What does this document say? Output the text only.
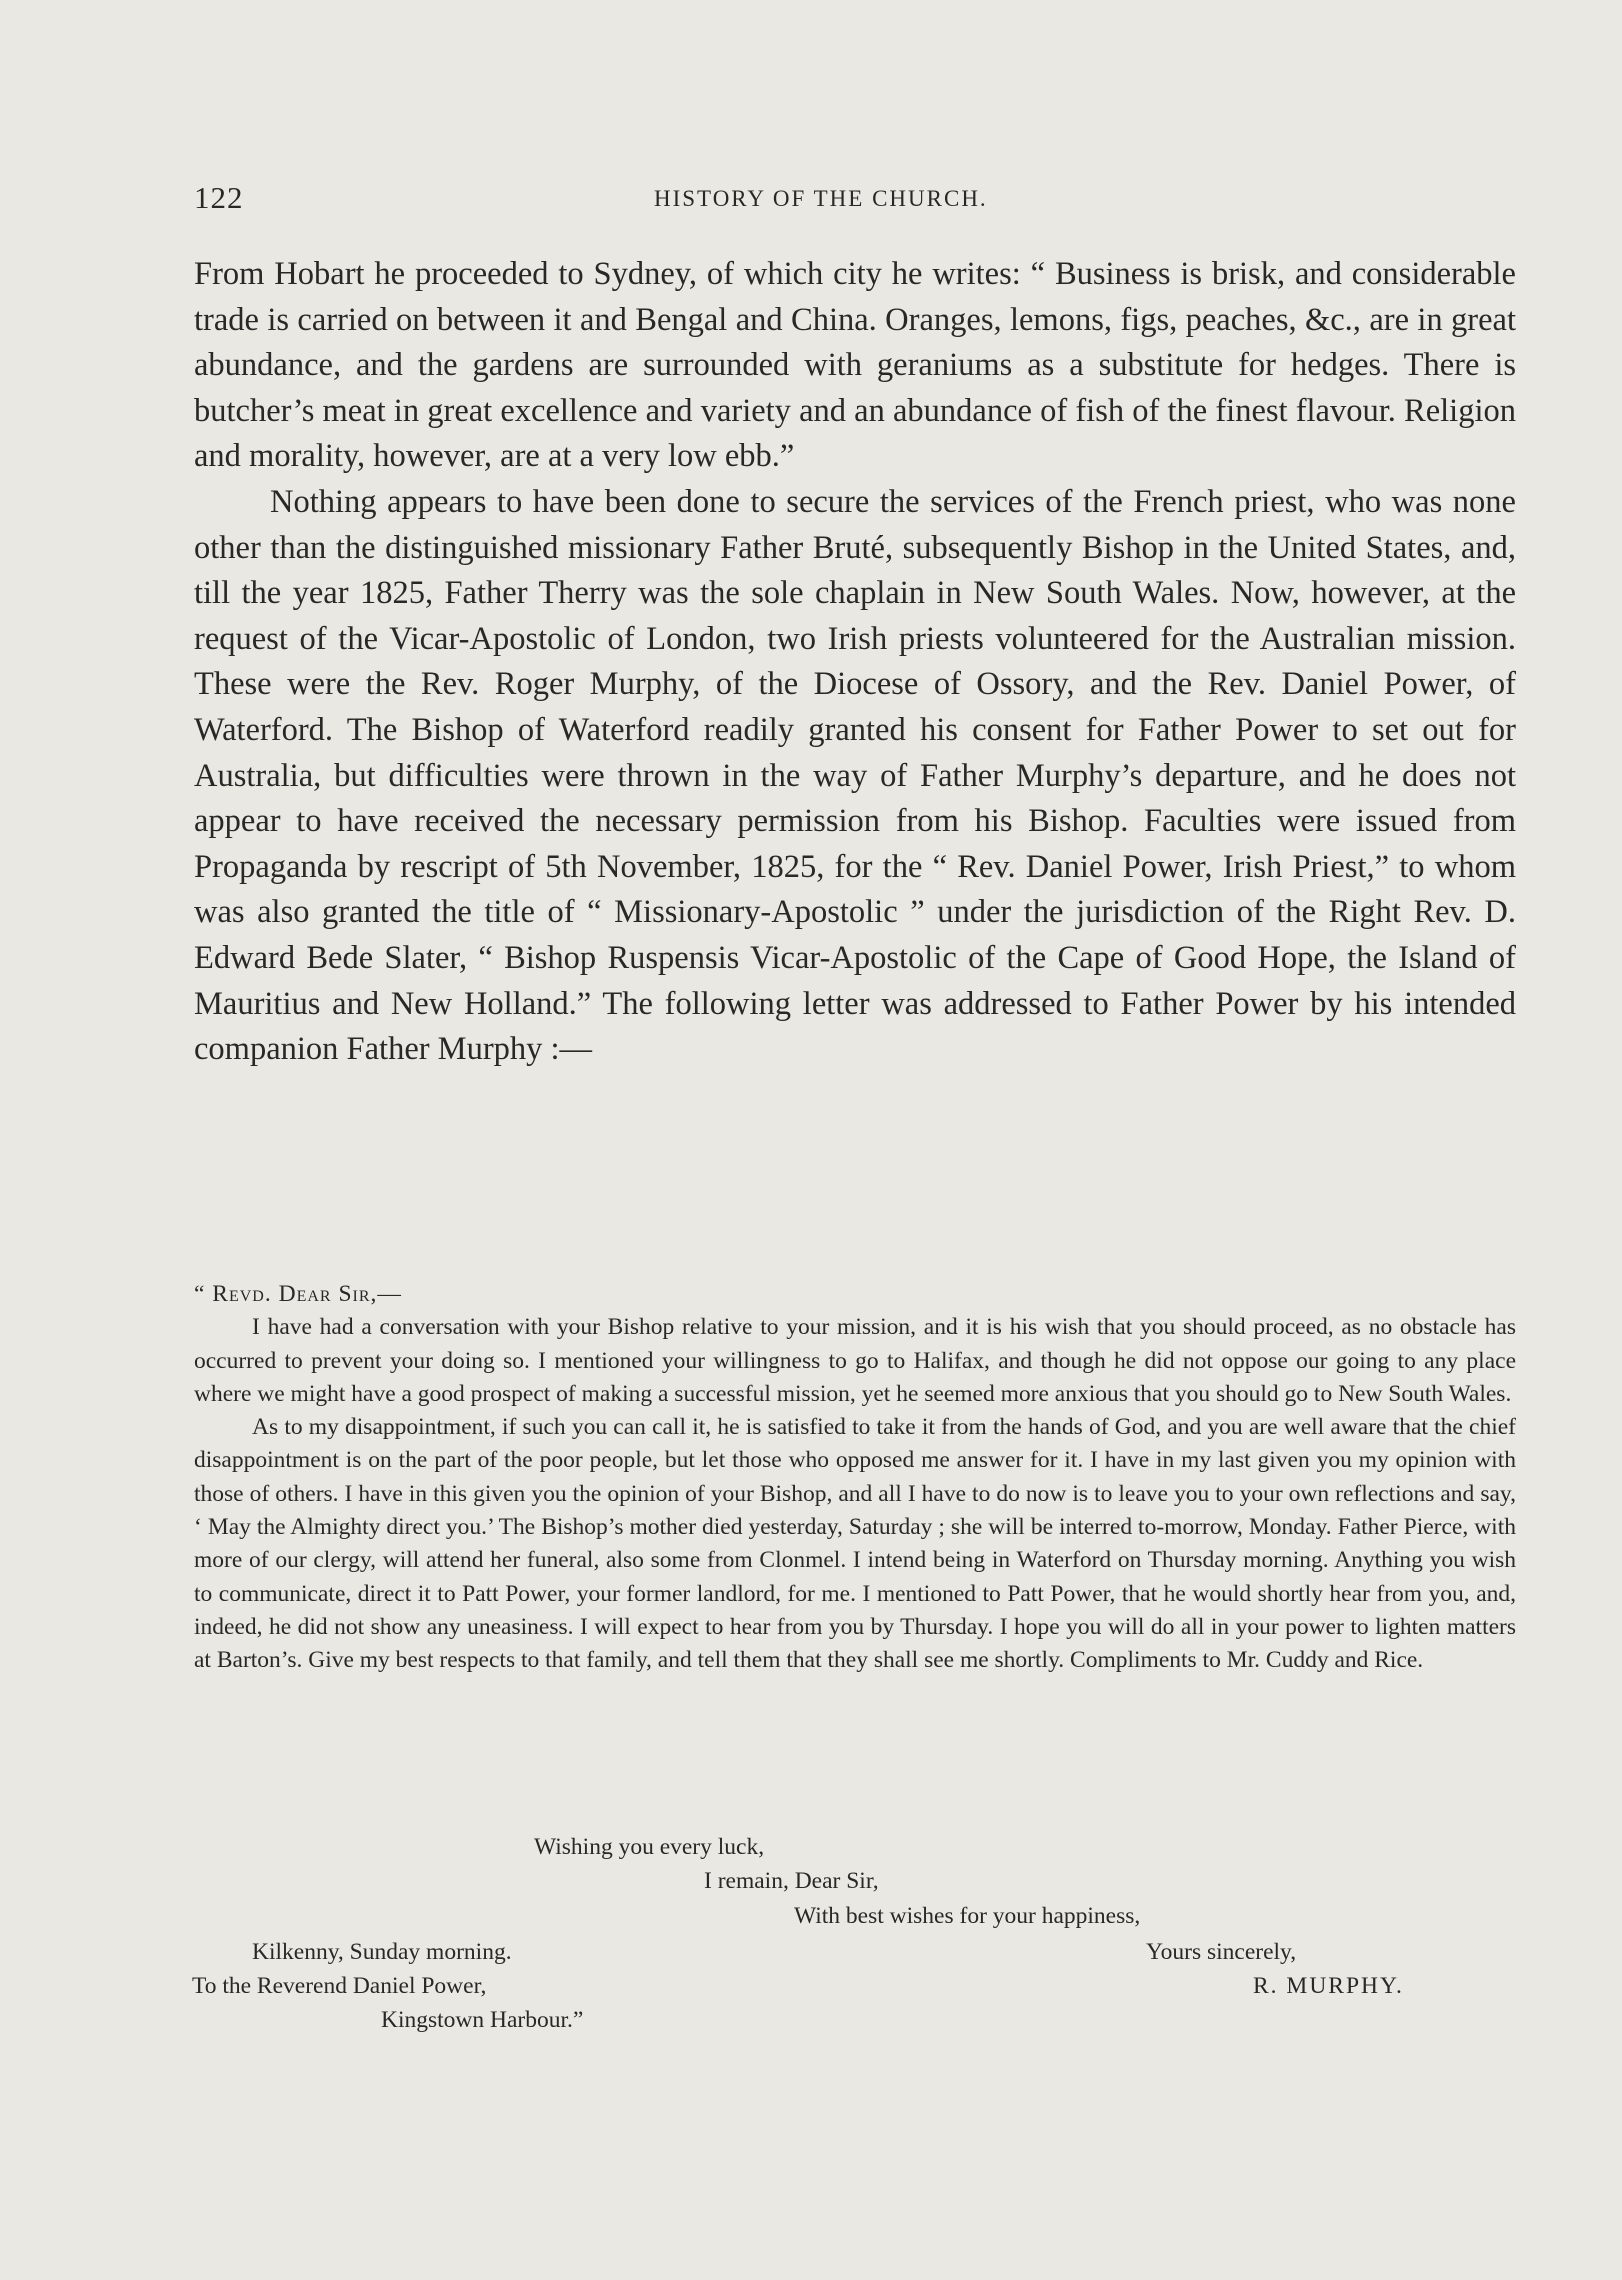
122	HISTORY OF THE CHURCH.

From Hobart he proceeded to Sydney, of which city he writes: “ Business is brisk, and considerable trade is carried on between it and Bengal and China. Oranges, lemons, figs, peaches, &c., are in great abundance, and the gardens are surrounded with geraniums as a substitute for hedges. There is butcher’s meat in great excellence and variety and an abundance of fish of the finest flavour. Religion and morality, however, are at a very low ebb.”

Nothing appears to have been done to secure the services of the French priest, who was none other than the distinguished missionary Father Bruté, subsequently Bishop in the United States, and, till the year 1825, Father Therry was the sole chaplain in New South Wales. Now, however, at the request of the Vicar-Apostolic of London, two Irish priests volunteered for the Australian mission. These were the Rev. Roger Murphy, of the Diocese of Ossory, and the Rev. Daniel Power, of Waterford. The Bishop of Waterford readily granted his consent for Father Power to set out for Australia, but difficulties were thrown in the way of Father Murphy’s departure, and he does not appear to have received the necessary permission from his Bishop. Faculties were issued from Propaganda by rescript of 5th November, 1825, for the “ Rev. Daniel Power, Irish Priest,” to whom was also granted the title of “ Missionary-Apostolic ” under the jurisdiction of the Right Rev. D. Edward Bede Slater, “ Bishop Ruspensis Vicar-Apostolic of the Cape of Good Hope, the Island of Mauritius and New Holland.” The following letter was addressed to Father Power by his intended companion Father Murphy :—

“ Revd. Dear Sir,—

I have had a conversation with your Bishop relative to your mission, and it is his wish that you should proceed, as no obstacle has occurred to prevent your doing so. I mentioned your willingness to go to Halifax, and though he did not oppose our going to any place where we might have a good prospect of making a successful mission, yet he seemed more anxious that you should go to New South Wales.

As to my disappointment, if such you can call it, he is satisfied to take it from the hands of God, and you are well aware that the chief disappointment is on the part of the poor people, but let those who opposed me answer for it. I have in my last given you my opinion with those of others. I have in this given you the opinion of your Bishop, and all I have to do now is to leave you to your own reflections and say, ‘ May the Almighty direct you.’ The Bishop’s mother died yesterday, Saturday ; she will be interred to-morrow, Monday. Father Pierce, with more of our clergy, will attend her funeral, also some from Clonmel. I intend being in Waterford on Thursday morning. Anything you wish to communicate, direct it to Patt Power, your former landlord, for me. I mentioned to Patt Power, that he would shortly hear from you, and, indeed, he did not show any uneasiness. I will expect to hear from you by Thursday. I hope you will do all in your power to lighten matters at Barton’s. Give my best respects to that family, and tell them that they shall see me shortly. Compliments to Mr. Cuddy and Rice.

Wishing you every luck,
I remain, Dear Sir,
With best wishes for your happiness,
Kilkenny, Sunday morning.	Yours sincerely,
To the Reverend Daniel Power,	R. MURPHY.
Kingstown Harbour.”
